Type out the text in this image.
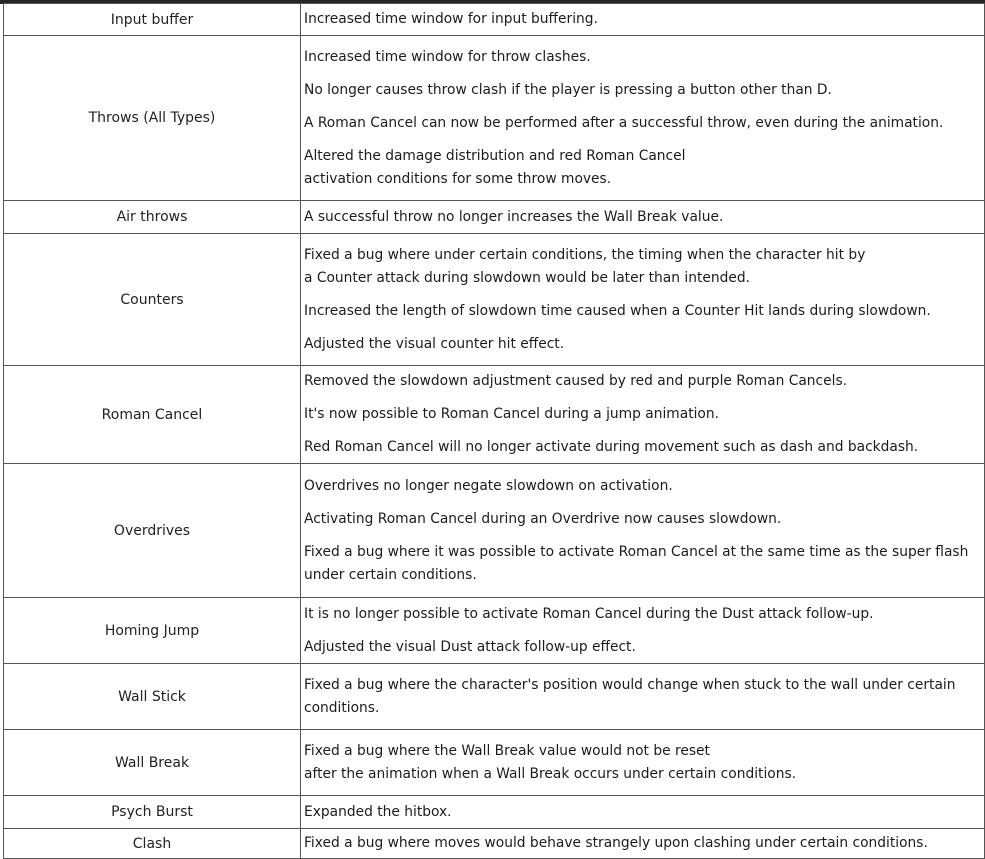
Input buffer	Increased time window for input buffering.

Throws (All Types)	Increased time window for throw clashes.
No longer causes throw clash if the player is pressing a button other than D.
A Roman Cancel can now be performed after a successful throw, even during the animation.
Altered the damage distribution and red Roman Cancel
activation conditions for some throw moves.

Air throws	A successful throw no longer increases the Wall Break value.

Counters	Fixed a bug where under certain conditions, the timing when the character hit by
a Counter attack during slowdown would be later than intended.
Increased the length of slowdown time caused when a Counter Hit lands during slowdown.
Adjusted the visual counter hit effect.

Roman Cancel	Removed the slowdown adjustment caused by red and purple Roman Cancels.
It's now possible to Roman Cancel during a jump animation.
Red Roman Cancel will no longer activate during movement such as dash and backdash.

Overdrives	Overdrives no longer negate slowdown on activation.
Activating Roman Cancel during an Overdrive now causes slowdown.
Fixed a bug where it was possible to activate Roman Cancel at the same time as the super flash
under certain conditions.

Homing Jump	It is no longer possible to activate Roman Cancel during the Dust attack follow-up.
Adjusted the visual Dust attack follow-up effect.

Wall Stick	Fixed a bug where the character's position would change when stuck to the wall under certain
conditions.

Wall Break	Fixed a bug where the Wall Break value would not be reset
after the animation when a Wall Break occurs under certain conditions.

Psych Burst	Expanded the hitbox.

Clash	Fixed a bug where moves would behave strangely upon clashing under certain conditions.
